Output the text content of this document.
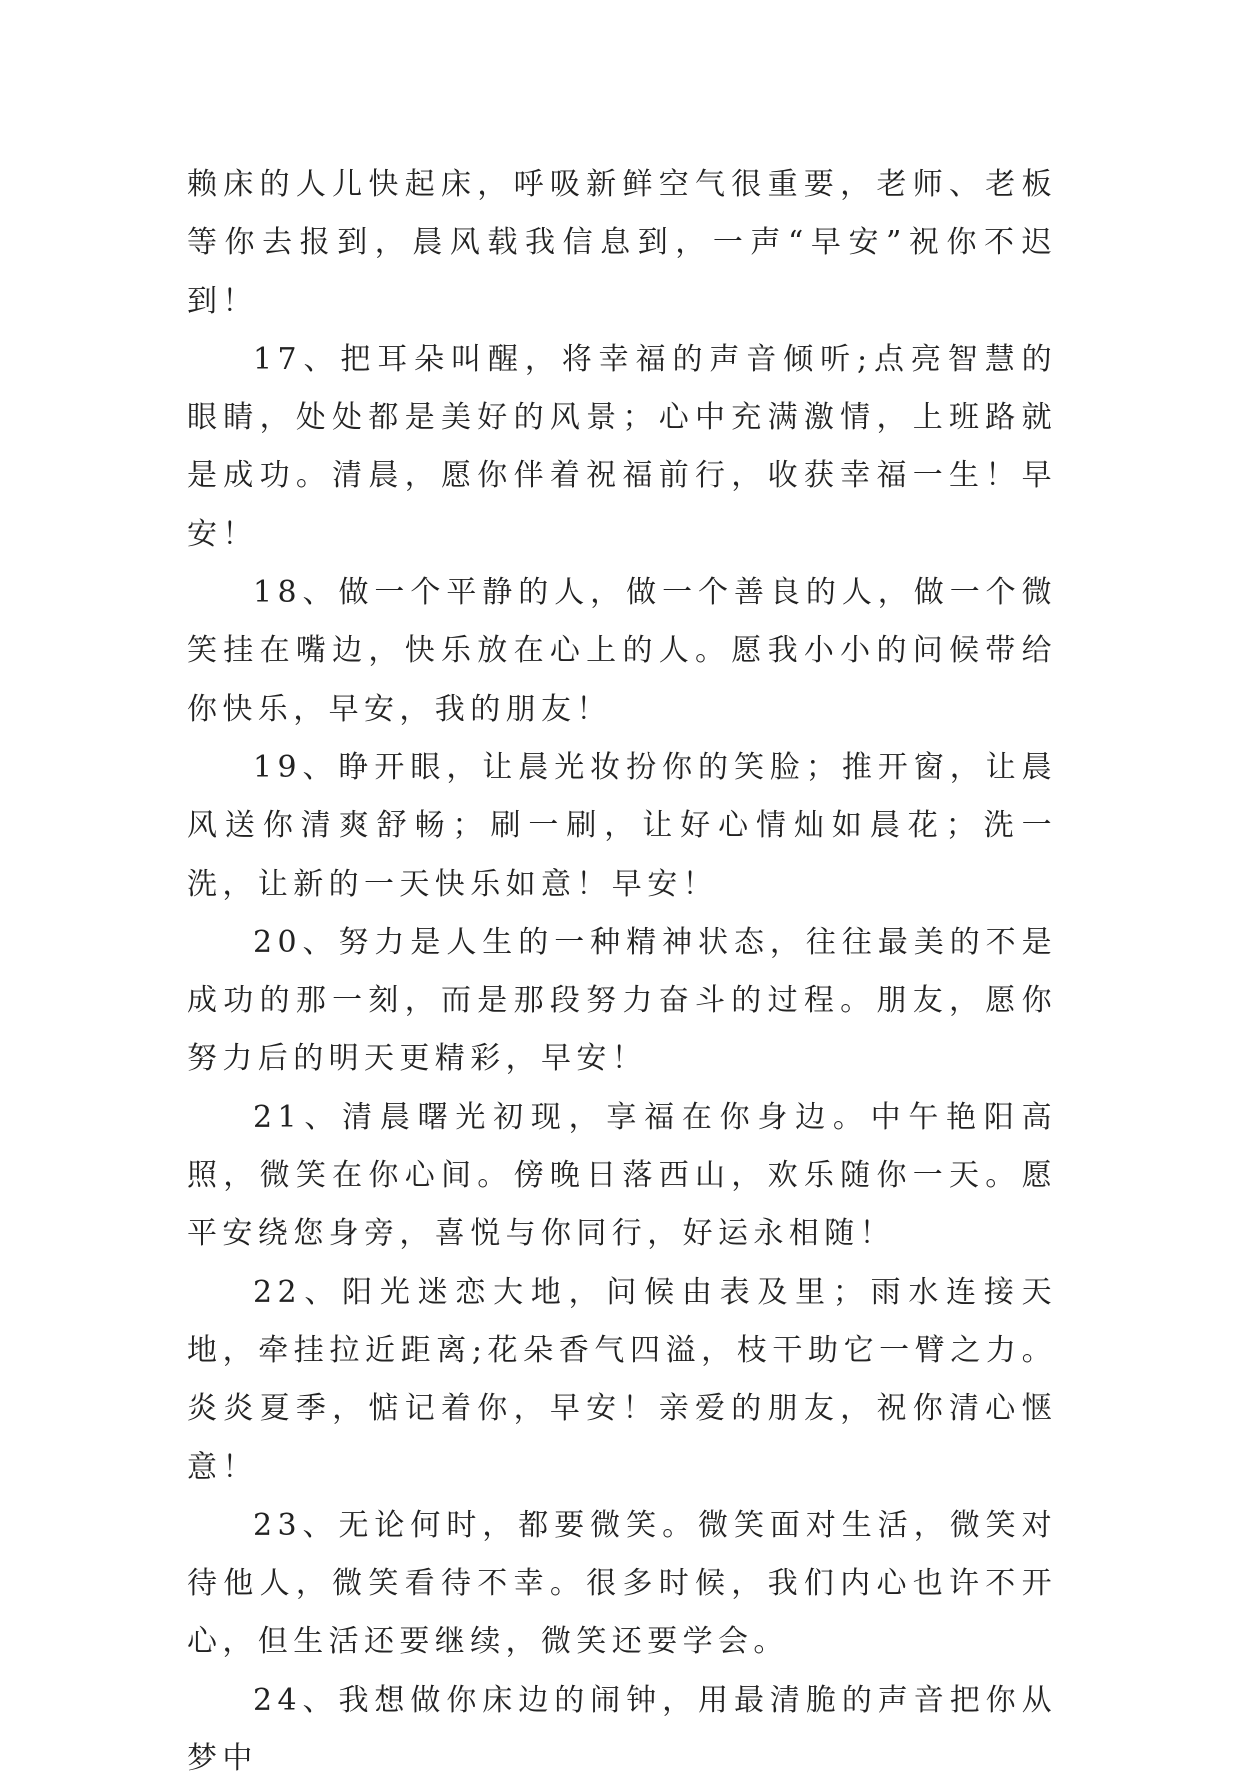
赖床的人儿快起床，呼吸新鲜空气很重要，老师、老板等你去报到，晨风载我信息到，一声“早安”祝你不迟到！

17、把耳朵叫醒，将幸福的声音倾听;点亮智慧的眼睛，处处都是美好的风景；心中充满激情，上班路就是成功。清晨，愿你伴着祝福前行，收获幸福一生！早安！

18、做一个平静的人，做一个善良的人，做一个微笑挂在嘴边，快乐放在心上的人。愿我小小的问候带给你快乐，早安，我的朋友！

19、睁开眼，让晨光妆扮你的笑脸；推开窗，让晨风送你清爽舒畅；刷一刷，让好心情灿如晨花；洗一洗，让新的一天快乐如意！早安！

20、努力是人生的一种精神状态，往往最美的不是成功的那一刻，而是那段努力奋斗的过程。朋友，愿你努力后的明天更精彩，早安！

21、清晨曙光初现，享福在你身边。中午艳阳高照，微笑在你心间。傍晚日落西山，欢乐随你一天。愿平安绕您身旁，喜悦与你同行，好运永相随！

22、阳光迷恋大地，问候由表及里；雨水连接天地，牵挂拉近距离;花朵香气四溢，枝干助它一臂之力。炎炎夏季，惦记着你，早安！亲爱的朋友，祝你清心惬意！

23、无论何时，都要微笑。微笑面对生活，微笑对待他人，微笑看待不幸。很多时候，我们内心也许不开心，但生活还要继续，微笑还要学会。

24、我想做你床边的闹钟，用最清脆的声音把你从梦中
